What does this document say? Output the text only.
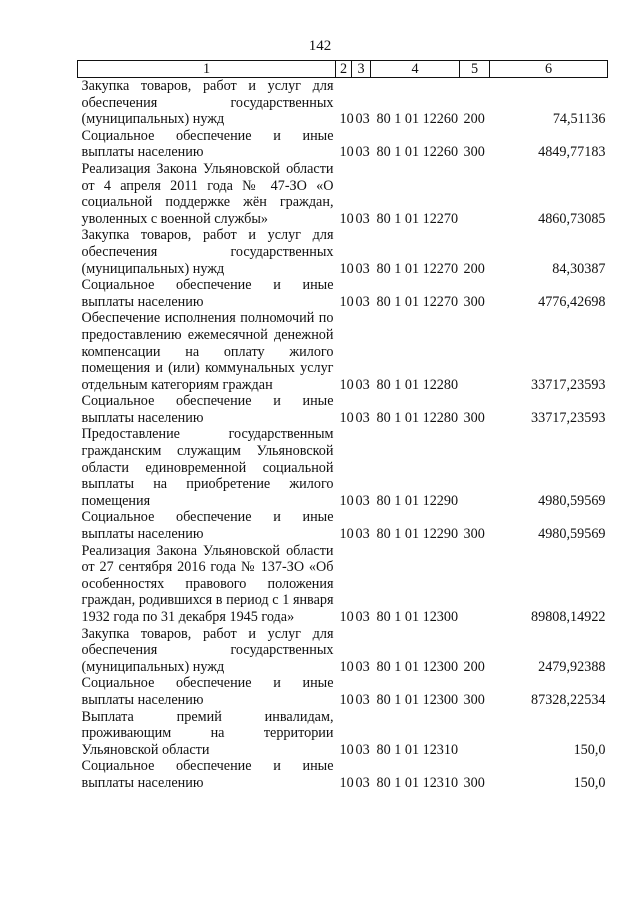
142
1	2	3	4	5	6
Закупка товаров, работ и услуг для обеспечения государственных (муниципальных) нужд	10	03	80 1 01 12260	200	74,51136
Социальное обеспечение и иные выплаты населению	10	03	80 1 01 12260	300	4849,77183
Реализация Закона Ульяновской области от 4 апреля 2011 года № 47-ЗО «О социальной поддержке жён граждан, уволенных с военной службы»	10	03	80 1 01 12270		4860,73085
Закупка товаров, работ и услуг для обеспечения государственных (муниципальных) нужд	10	03	80 1 01 12270	200	84,30387
Социальное обеспечение и иные выплаты населению	10	03	80 1 01 12270	300	4776,42698
Обеспечение исполнения полномочий по предоставлению ежемесячной денежной компенсации на оплату жилого помещения и (или) коммунальных услуг отдельным категориям граждан	10	03	80 1 01 12280		33717,23593
Социальное обеспечение и иные выплаты населению	10	03	80 1 01 12280	300	33717,23593
Предоставление государственным гражданским служащим Ульяновской области единовременной социальной выплаты на приобретение жилого помещения	10	03	80 1 01 12290		4980,59569
Социальное обеспечение и иные выплаты населению	10	03	80 1 01 12290	300	4980,59569
Реализация Закона Ульяновской области от 27 сентября 2016 года № 137-ЗО «Об особенностях правового положения граждан, родившихся в период с 1 января 1932 года по 31 декабря 1945 года»	10	03	80 1 01 12300		89808,14922
Закупка товаров, работ и услуг для обеспечения государственных (муниципальных) нужд	10	03	80 1 01 12300	200	2479,92388
Социальное обеспечение и иные выплаты населению	10	03	80 1 01 12300	300	87328,22534
Выплата премий инвалидам, проживающим на территории Ульяновской области	10	03	80 1 01 12310		150,0
Социальное обеспечение и иные выплаты населению	10	03	80 1 01 12310	300	150,0
